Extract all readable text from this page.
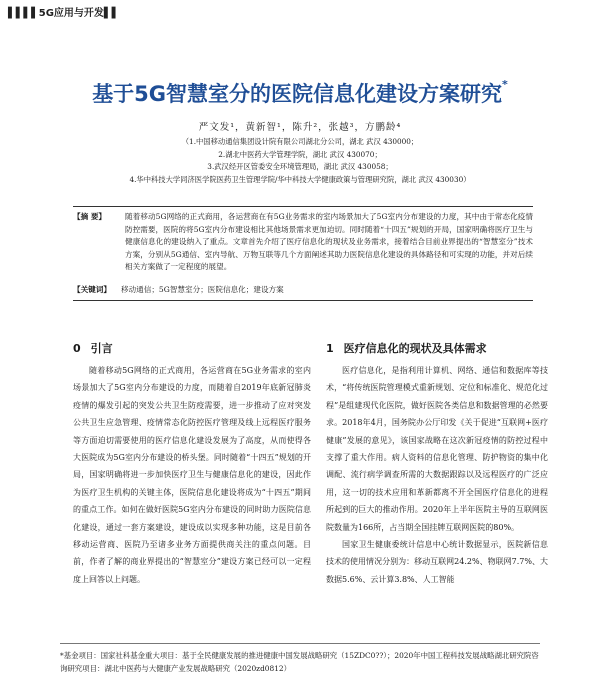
▌▌▌▌5G应用与开发▌▌
基于5G智慧室分的医院信息化建设方案研究*
严文发¹，黄新智¹，陈升²，张越³，方鹏龄⁴
（1.中国移动通信集团设计院有限公司湖北分公司，湖北 武汉 430000；
2.湖北中医药大学管理学院，湖北 武汉 430070；
3.武汉经开区管委安全环境管理局，湖北 武汉 430058；
4.华中科技大学同济医学院医药卫生管理学院/华中科技大学健康政策与管理研究院，湖北 武汉 430030）
【摘 要】 随着移动5G网络的正式商用，各运营商在有5G业务需求的室内场景加大了5G室内分布建设的力度，其中由于常态化疫情防控需要，医院的将5G室内分布建设相比其他场景需求更加迫切。同时随着“十四五”规划的开局，国家明确将医疗卫生与健康信息化的建设纳入了重点。文章首先介绍了医疗信息化的现状及业务需求，接着结合目前业界提出的“智慧室分”技术方案，分别从5G通信、室内导航、万物互联等几个方面阐述其助力医院信息化建设的具体路径和可实现的功能，并对后续相关方案做了一定程度的展望。
【关键词】 移动通信；5G智慧室分；医院信息化；建设方案
0 引言

随着移动5G网络的正式商用，各运营商在5G业务需求的室内场景加大了5G室内分布建设的力度，而随着自2019年底新冠肺炎疫情的爆发引起的突发公共卫生防疫需要，进一步推动了应对突发公共卫生应急管理、疫情常态化防控医疗管理及线上远程医疗服务等方面迫切需要使用的医疗信息化建设发展为了高度，从而使得各大医院成为5G室内分布建设的桥头堡。同时随着“十四五”规划的开局，国家明确将进一步加快医疗卫生与健康信息化的建设，因此作为医疗卫生机构的关键主体，医院信息化建设将成为“十四五”期间的重点工作。如何在做好医院5G室内分布建设的同时助力医院信息化建设，通过一套方案建设，建设成以实现多种功能，这是目前各移动运营商、医院乃至诸多业务方面提供商关注的重点问题。目前，作者了解的商业界提出的“智慧室分”建设方案已经可以一定程度上回答以上问题。

1 医疗信息化的现状及具体需求

医疗信息化，是指利用计算机、网络、通信和数据库等技术，“将传统医院管理模式重新规划、定位和标准化、规范化过程”是组建现代化医院，做好医院各类信息和数据管理的必然要求。2018年4月，国务院办公厅印发《关于促进“互联网+医疗健康”发展的意见》，该国家战略在这次新冠疫情的防控过程中支撑了重大作用。病人资料的信息化管理、防护物资的集中化调配、流行病学调查所需的大数据跟踪以及远程医疗的广泛应用，这一切的技术应用和革新都离不开全国医疗信息化的进程所起到的巨大的推动作用。2020年上半年医院主导的互联网医院数量为166所，占当期全国挂牌互联网医院的80%。

国家卫生健康委统计信息中心统计数据显示，医院新信息技术的使用情况分别为：移动互联网24.2%、物联网7.7%、大数据5.6%、云计算3.8%、人工智能

*基金项目：国家社科基金重大项目：基于全民健康发展的推进健康中国发展战略研究（15ZDC0??）；2020年中国工程科技发展战略湖北研究院咨询研究项目：湖北中医药与大健康产业发展战略研究（2020zd0812）
